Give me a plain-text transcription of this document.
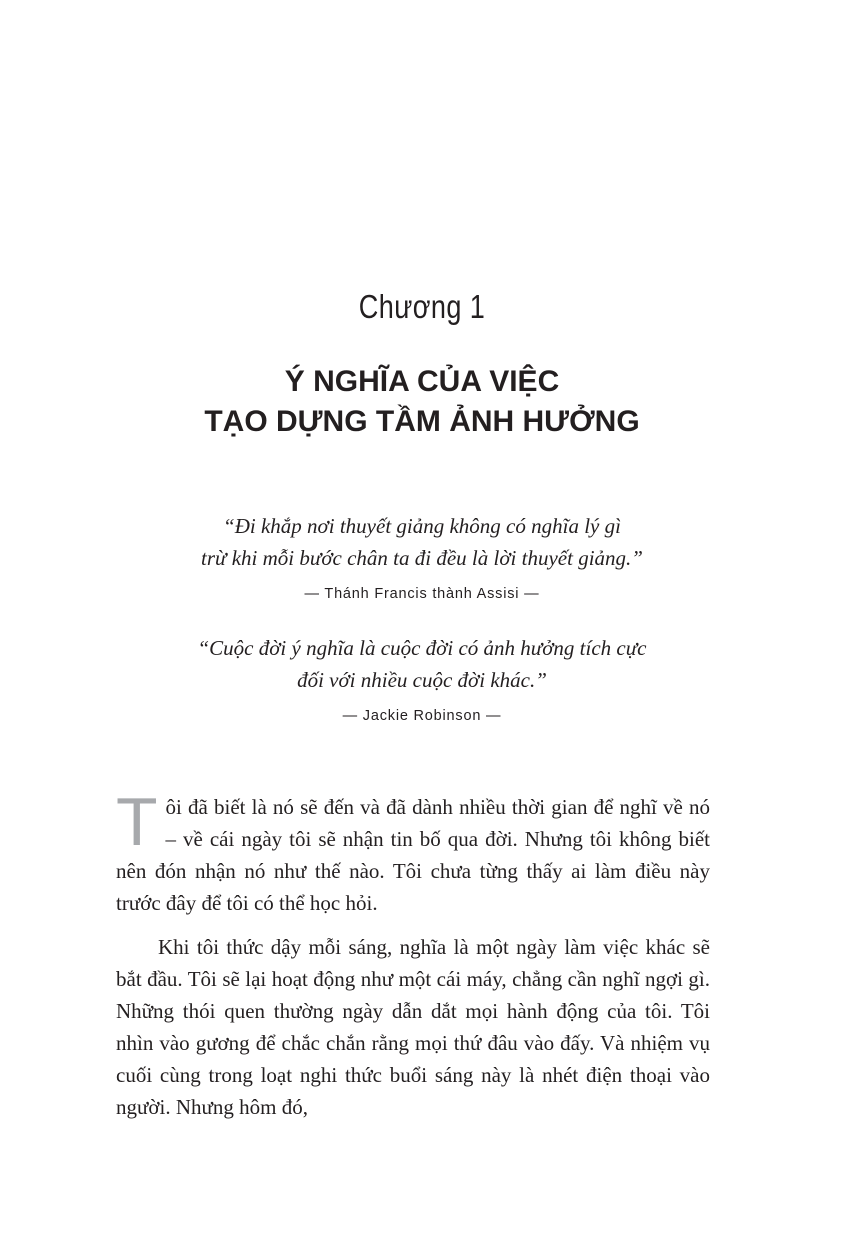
Chương 1
Ý NGHĨA CỦA VIỆC
TẠO DỰNG TẦM ẢNH HƯỞNG

“Đi khắp nơi thuyết giảng không có nghĩa lý gì
trừ khi mỗi bước chân ta đi đều là lời thuyết giảng.”

— Thánh Francis thành Assisi —

“Cuộc đời ý nghĩa là cuộc đời có ảnh hưởng tích cực
đối với nhiều cuộc đời khác.”

— Jackie Robinson —

Tôi đã biết là nó sẽ đến và đã dành nhiều thời gian để nghĩ về nó – về cái ngày tôi sẽ nhận tin bố qua đời. Nhưng tôi không biết nên đón nhận nó như thế nào. Tôi chưa từng thấy ai làm điều này trước đây để tôi có thể học hỏi.

Khi tôi thức dậy mỗi sáng, nghĩa là một ngày làm việc khác sẽ bắt đầu. Tôi sẽ lại hoạt động như một cái máy, chẳng cần nghĩ ngợi gì. Những thói quen thường ngày dẫn dắt mọi hành động của tôi. Tôi nhìn vào gương để chắc chắn rằng mọi thứ đâu vào đấy. Và nhiệm vụ cuối cùng trong loạt nghi thức buổi sáng này là nhét điện thoại vào người. Nhưng hôm đó,
